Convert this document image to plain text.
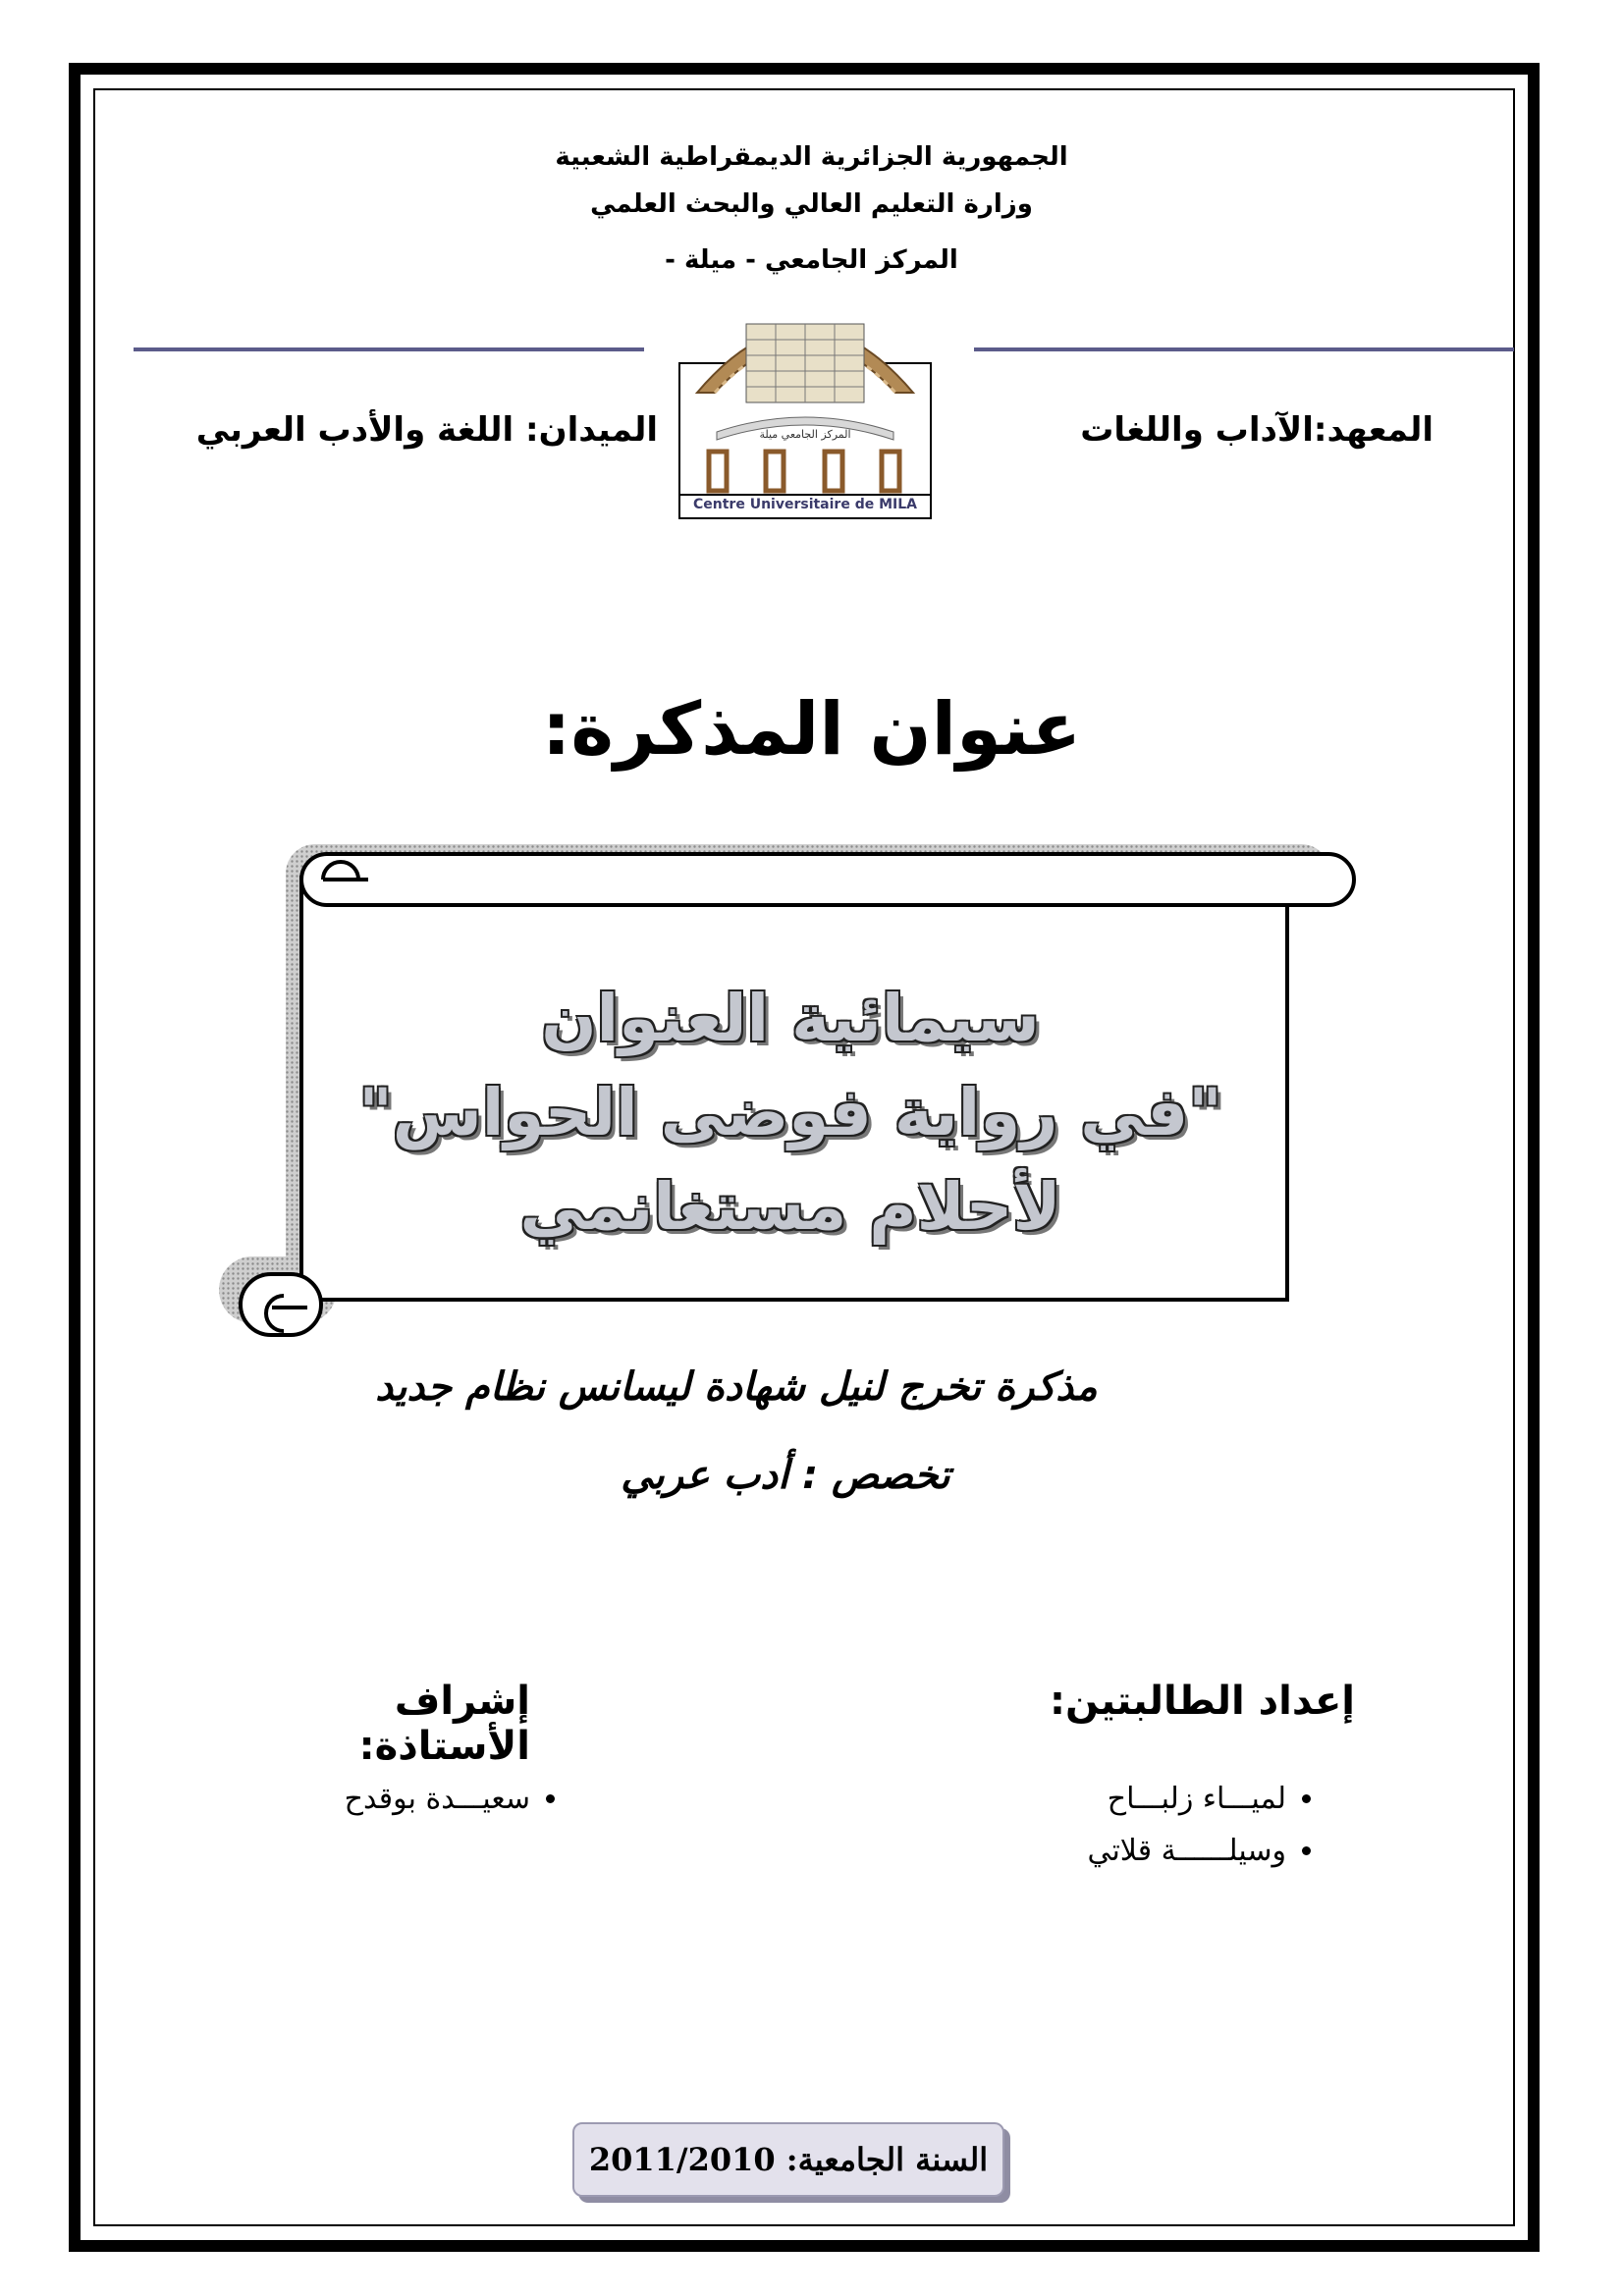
الجمهورية الجزائرية الديمقراطية الشعبية
وزارة التعليم العالي والبحث العلمي
المركز الجامعي - ميلة -
المركز الجامعي ميلة
Centre Universitaire de MILA
المعهد:الآداب واللغات
الميدان: اللغة والأدب العربي
عنوان المذكرة:
سيمائية العنوان
"في رواية فوضى الحواس"
لأحلام مستغانمي
مذكرة تخرج لنيل شهادة ليسانس نظام جديد
تخصص : أدب عربي
إعداد الطالبتين:
• لميـــاء زلبـــاح
• وسيلــــــة قلاتي
إشراف الأستاذة:
• سعيـــدة بوقدح
السنة الجامعية: 2011/2010
